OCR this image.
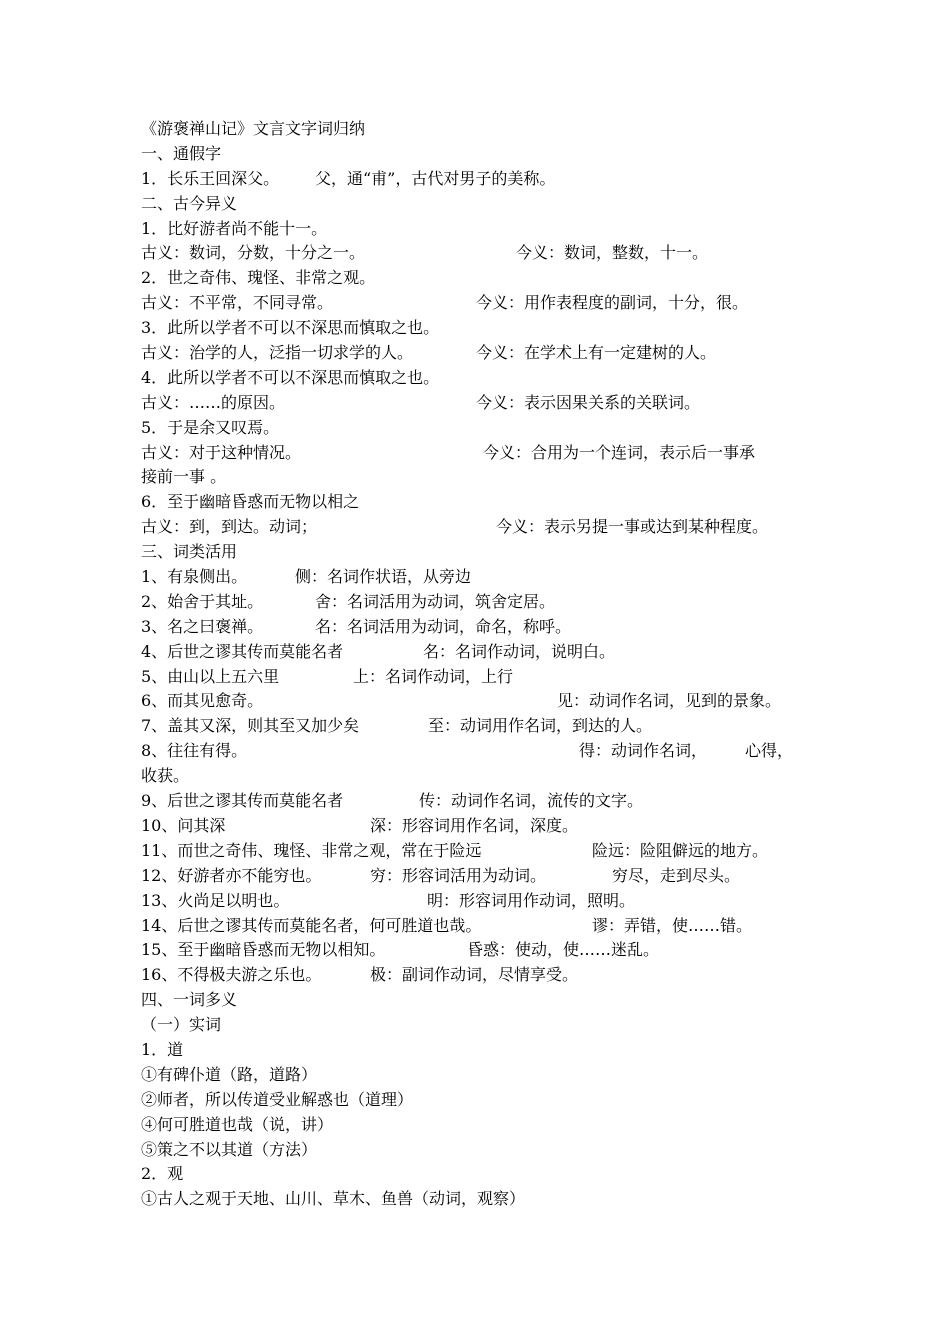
《游褒禅山记》文言文字词归纳
一、通假字
1．长乐王回深父。 父，通“甫”，古代对男子的美称。
二、古今异义
1．比好游者尚不能十一。
古义：数词，分数，十分之一。	今义：数词，整数，十一。
2．世之奇伟、瑰怪、非常之观。
古义：不平常，不同寻常。	今义：用作表程度的副词，十分，很。
3．此所以学者不可以不深思而慎取之也。
古义：治学的人，泛指一切求学的人。	今义：在学术上有一定建树的人。
4．此所以学者不可以不深思而慎取之也。
古义：……的原因。	今义：表示因果关系的关联词。
5．于是余又叹焉。
古义：对于这种情况。	今义：合用为一个连词，表示后一事承
接前一事 。
6．至于幽暗昏惑而无物以相之
古义：到，到达。动词；	今义：表示另提一事或达到某种程度。
三、词类活用
1、有泉侧出。	侧：名词作状语，从旁边
2、始舍于其址。	舍：名词活用为动词，筑舍定居。
3、名之曰褒禅。	名：名词活用为动词，命名，称呼。
4、后世之谬其传而莫能名者	名：名词作动词，说明白。
5、由山以上五六里	上：名词作动词，上行
6、而其见愈奇。	见：动词作名词，见到的景象。
7、盖其又深，则其至又加少矣	至：动词用作名词，到达的人。
8、往往有得。	得：动词作名词， 心得，
收获。
9、后世之谬其传而莫能名者	传：动词作名词，流传的文字。
10、问其深	深：形容词用作名词，深度。
11、而世之奇伟、瑰怪、非常之观，常在于险远	险远：险阻僻远的地方。
12、好游者亦不能穷也。	穷：形容词活用为动词。	穷尽，走到尽头。
13、火尚足以明也。	明：形容词用作动词，照明。
14、后世之谬其传而莫能名者，何可胜道也哉。	谬：弄错，使……错。
15、至于幽暗昏惑而无物以相知。	昏惑：使动，使……迷乱。
16、不得极夫游之乐也。	极：副词作动词，尽情享受。
四、一词多义
（一）实词
1．道
①有碑仆道（路，道路）
②师者，所以传道受业解惑也（道理）
④何可胜道也哉（说，讲）
⑤策之不以其道（方法）
2．观
①古人之观于天地、山川、草木、鱼兽（动词，观察）
